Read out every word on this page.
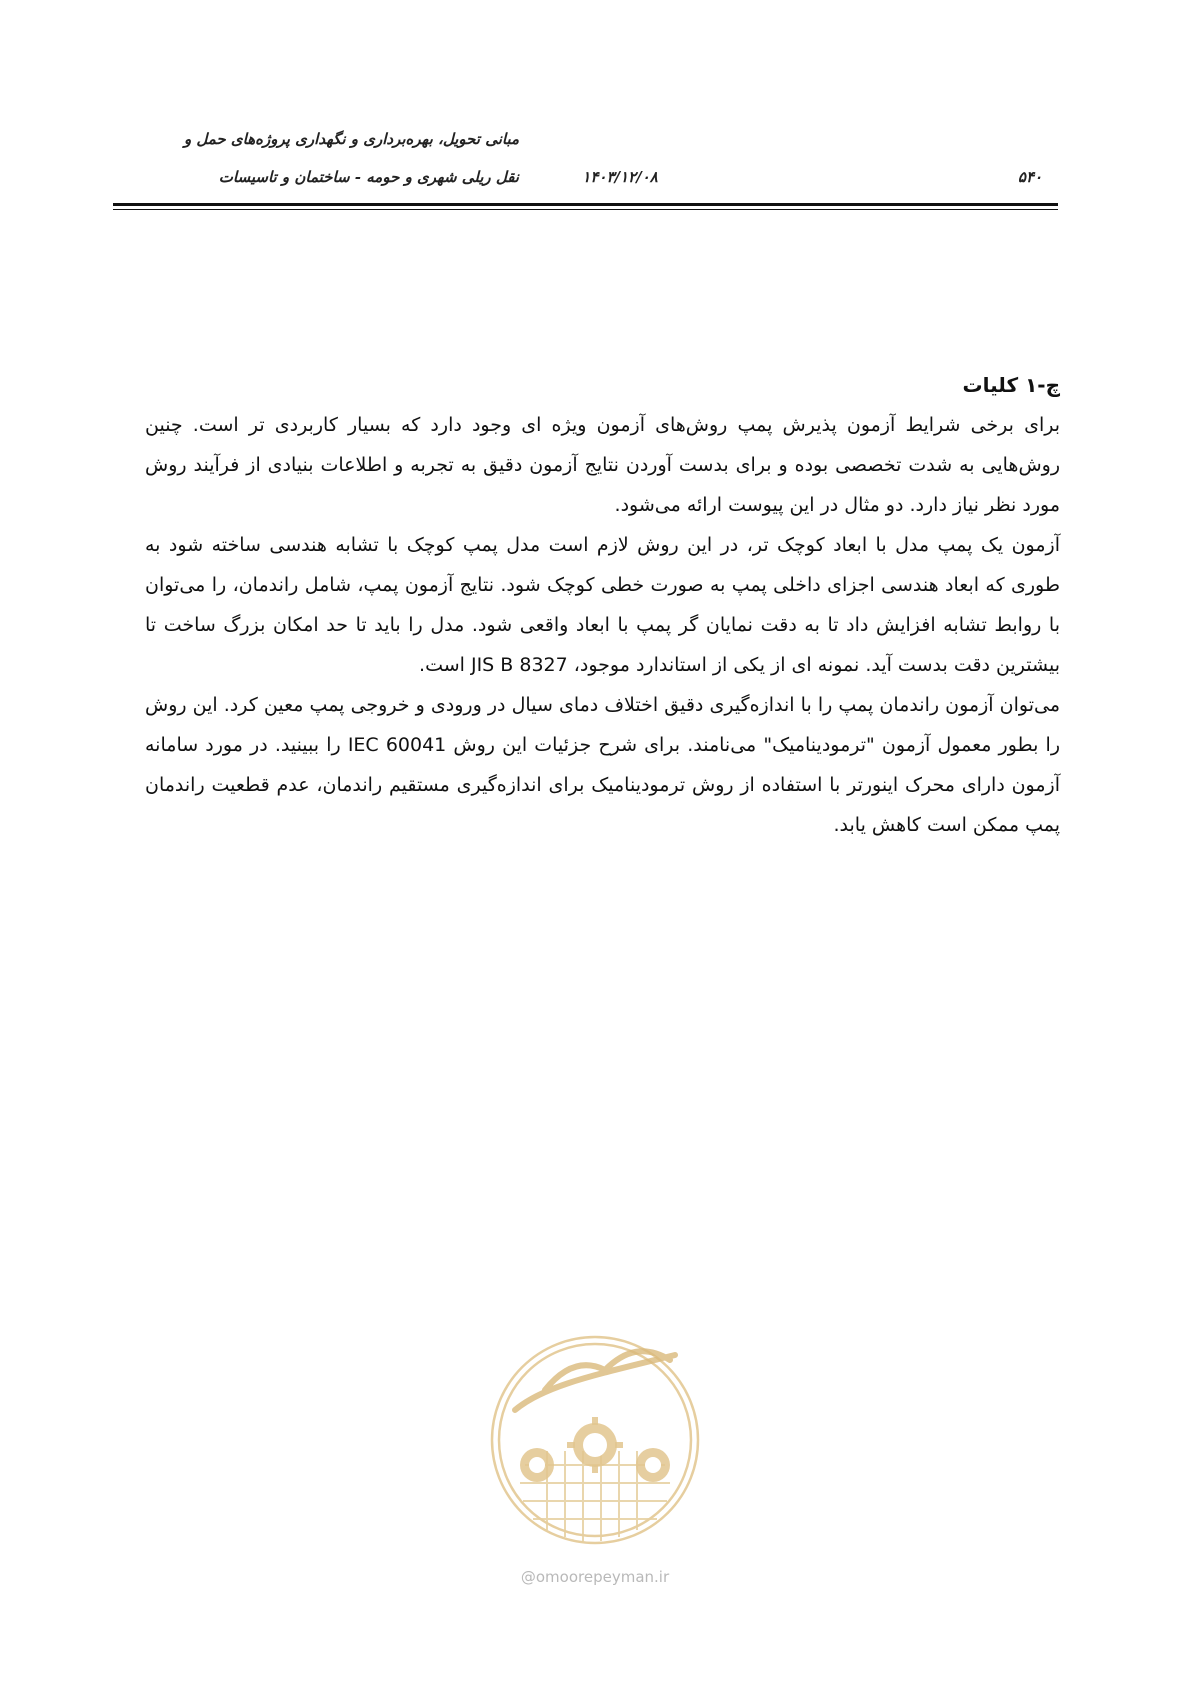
مبانی تحویل، بهره‌برداری و نگهداری پروژه‌های حمل و
نقل ریلی شهری و حومه - ساختمان و تاسیسات	۱۴۰۳/۱۲/۰۸	۵۴۰
چ-۱ کلیات

برای برخی شرایط آزمون پذیرش پمپ روش‌های آزمون ویژه ای وجود دارد که بسیار کاربردی تر است. چنین روش‌هایی به شدت تخصصی بوده و برای بدست آوردن نتایج آزمون دقیق به تجربه و اطلاعات بنیادی از فرآیند روش مورد نظر نیاز دارد. دو مثال در این پیوست ارائه می‌شود.

آزمون یک پمپ مدل با ابعاد کوچک تر، در این روش لازم است مدل پمپ کوچک با تشابه هندسی ساخته شود به طوری که ابعاد هندسی اجزای داخلی پمپ به صورت خطی کوچک شود. نتایج آزمون پمپ، شامل راندمان، را می‌توان با روابط تشابه افزایش داد تا به دقت نمایان گر پمپ با ابعاد واقعی شود. مدل را باید تا حد امکان بزرگ ساخت تا بیشترین دقت بدست آید. نمونه ای از یکی از استاندارد موجود، JIS B 8327 است.

می‌توان آزمون راندمان پمپ را با اندازه‌گیری دقیق اختلاف دمای سیال در ورودی و خروجی پمپ معین کرد. این روش را بطور معمول آزمون "ترمودینامیک" می‌نامند. برای شرح جزئیات این روش IEC 60041 را ببینید. در مورد سامانه آزمون دارای محرک اینورتر با استفاده از روش ترمودینامیک برای اندازه‌گیری مستقیم راندمان، عدم قطعیت راندمان پمپ ممکن است کاهش یابد.

@omoorepeyman.ir
